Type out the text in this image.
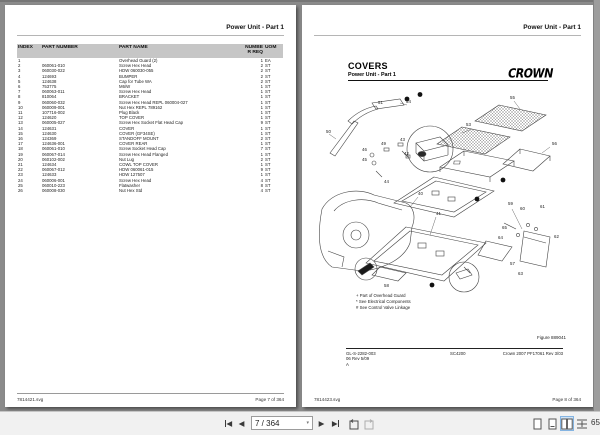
Power Unit - Part 1
INDEX	PART NUMBER	PART NAME	NUMBER REQ	UOM
1		Overhead Guard (2)	1	EA
2	060061-010	Screw Hex Head	2	ST
3	060030-022	HDW 060030-055	2	ST
4	124693	BUMPER	2	ST
5	124638	Cap for Tube WA	2	ST
6	753775	M6/W	1	ST
7	060063-011	Screw Hex Head	1	ST
8	810064	BRACKET	1	ST
9	060060-032	Screw Hex Head REPL 060004-027	1	ST
10	060009-001	Nut Hex REPL 789162	1	ST
11	107716-002	Plug Black	1	ST
12	124620	TOP COVER	1	ST
13	060005-027	Screw Hex Socket Flat Head Cap	9	ST
14	124631	COVER	1	ST
15	124630	COVER (GF34SE)	1	ST
16	124369	STANDOFF MOUNT	2	ST
17	124636-001	COVER REAR	1	ST
18	060061-010	Screw Socket Head Cap	7	ST
19	060067-014	Screw Hex Head Flanged	1	ST
20	060102-002	Nut Lug	2	ST
21	124634	COWL TOP COVER	1	ST
22	060067-012	HDW 060061-015	9	ST
23	124633	HDW 127507	1	ST
24	060006-001	Screw Hex Head	4	ST
25	060010-223	Flatwasher	8	ST
26	060008-030	Nut Hex Std	4	ST
7814421.svg	Page 7 of 364
Power Unit - Part 1
COVERS
Power Unit - Part 1	CROWN
55
53
54
51
50
56
49
43
42
46
45
44
40
41
58
57
59
60	61
65
64
63
62
+ Part of Overhead Guard
* See Electrical Components
# See Control Valve Linkage
Figure 889041
GL-S-2282-003
06 Rev 5/09
A
SC4200	Crown 2007 PF17061 Rev 3/03
7814423.svg	Page 8 of 364
◀ ◀ 7 / 364	▾ ▶ ▶	65
